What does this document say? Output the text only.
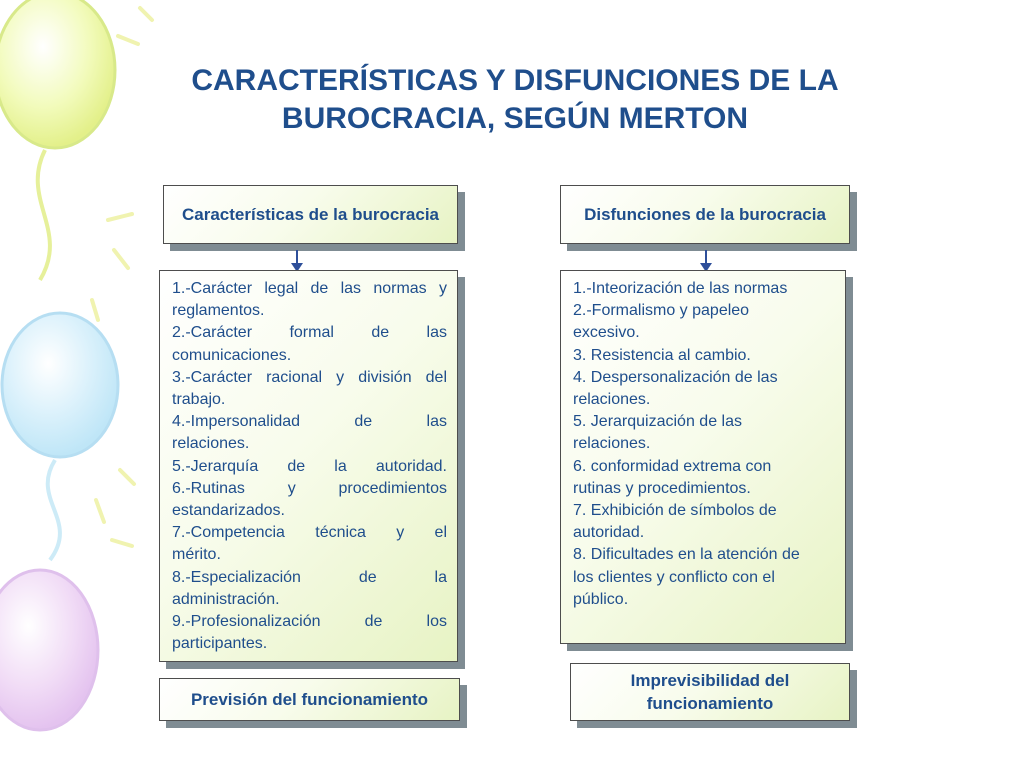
CARACTERÍSTICAS Y DISFUNCIONES DE LA BUROCRACIA, SEGÚN MERTON
Características de la burocracia

1.-Carácter legal de las normas y

reglamentos.

2.-Carácter formal de las

comunicaciones.

3.-Carácter racional y división del

trabajo.

4.-Impersonalidad de las

relaciones.

5.-Jerarquía de la autoridad.

6.-Rutinas y procedimientos

estandarizados.

7.-Competencia técnica y el

mérito.

8.-Especialización de la

administración.

9.-Profesionalización de los

participantes.

Previsión del funcionamiento
Disfunciones de la burocracia

1.-Inteorización de las normas

2.-Formalismo y papeleo

excesivo.

3. Resistencia al cambio.

4. Despersonalización de las

relaciones.

5. Jerarquización de las

relaciones.

6. conformidad extrema con

rutinas y procedimientos.

7. Exhibición de símbolos de

autoridad.

8. Dificultades en la atención de

los clientes y conflicto con el

público.

Imprevisibilidad del funcionamiento
